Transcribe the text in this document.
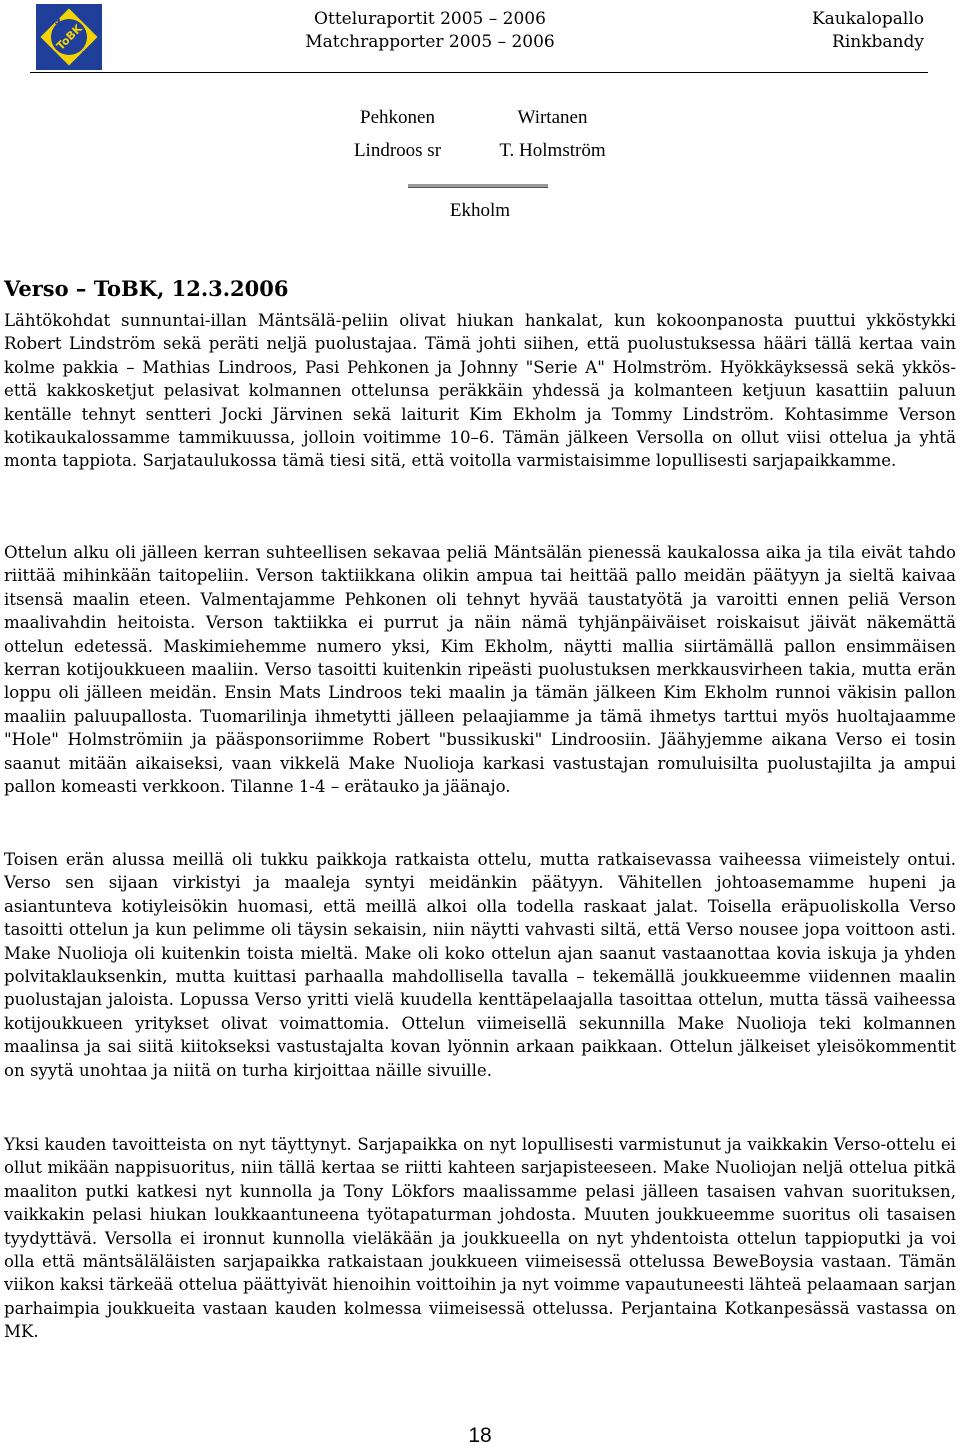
19
58
ToBK
Otteluraportit 2005 – 2006
Matchrapporter 2005 – 2006
Kaukalopallo
Rinkbandy
Pehkonen
Lindroos sr
Wirtanen
T. Holmström
Ekholm
Verso – ToBK, 12.3.2006

Lähtökohdat sunnuntai-illan Mäntsälä-peliin olivat hiukan hankalat, kun kokoonpanosta puuttui ykköstykki Robert Lindström sekä peräti neljä puolustajaa. Tämä johti siihen, että puolustuksessa hääri tällä kertaa vain kolme pakkia – Mathias Lindroos, Pasi Pehkonen ja Johnny "Serie A" Holmström. Hyökkäyksessä sekä ykkös- että kakkosketjut pelasivat kolmannen ottelunsa peräkkäin yhdessä ja kolmanteen ketjuun kasattiin paluun kentälle tehnyt sentteri Jocki Järvinen sekä laiturit Kim Ekholm ja Tommy Lindström. Kohtasimme Verson kotikaukalossamme tammikuussa, jolloin voitimme 10–6. Tämän jälkeen Versolla on ollut viisi ottelua ja yhtä monta tappiota. Sarjataulukossa tämä tiesi sitä, että voitolla varmistaisimme lopullisesti sarjapaikkamme.

Ottelun alku oli jälleen kerran suhteellisen sekavaa peliä Mäntsälän pienessä kaukalossa aika ja tila eivät tahdo riittää mihinkään taitopeliin. Verson taktiikkana olikin ampua tai heittää pallo meidän päätyyn ja sieltä kaivaa itsensä maalin eteen. Valmentajamme Pehkonen oli tehnyt hyvää taustatyötä ja varoitti ennen peliä Verson maalivahdin heitoista. Verson taktiikka ei purrut ja näin nämä tyhjänpäiväiset roiskaisut jäivät näkemättä ottelun edetessä. Maskimiehemme numero yksi, Kim Ekholm, näytti mallia siirtämällä pallon ensimmäisen kerran kotijoukkueen maaliin. Verso tasoitti kuitenkin ripeästi puolustuksen merkkausvirheen takia, mutta erän loppu oli jälleen meidän. Ensin Mats Lindroos teki maalin ja tämän jälkeen Kim Ekholm runnoi väkisin pallon maaliin paluupallosta. Tuomarilinja ihmetytti jälleen pelaajiamme ja tämä ihmetys tarttui myös huoltajaamme "Hole" Holmströmiin ja pääsponsoriimme Robert "bussikuski" Lindroosiin. Jäähyjemme aikana Verso ei tosin saanut mitään aikaiseksi, vaan vikkelä Make Nuolioja karkasi vastustajan romuluisilta puolustajilta ja ampui pallon komeasti verkkoon. Tilanne 1-4 – erätauko ja jäänajo.

Toisen erän alussa meillä oli tukku paikkoja ratkaista ottelu, mutta ratkaisevassa vaiheessa viimeistely ontui. Verso sen sijaan virkistyi ja maaleja syntyi meidänkin päätyyn. Vähitellen johtoasemamme hupeni ja asiantunteva kotiyleisökin huomasi, että meillä alkoi olla todella raskaat jalat. Toisella eräpuoliskolla Verso tasoitti ottelun ja kun pelimme oli täysin sekaisin, niin näytti vahvasti siltä, että Verso nousee jopa voittoon asti. Make Nuolioja oli kuitenkin toista mieltä. Make oli koko ottelun ajan saanut vastaanottaa kovia iskuja ja yhden polvitaklauksenkin, mutta kuittasi parhaalla mahdollisella tavalla – tekemällä joukkueemme viidennen maalin puolustajan jaloista. Lopussa Verso yritti vielä kuudella kenttäpelaajalla tasoittaa ottelun, mutta tässä vaiheessa kotijoukkueen yritykset olivat voimattomia. Ottelun viimeisellä sekunnilla Make Nuolioja teki kolmannen maalinsa ja sai siitä kiitokseksi vastustajalta kovan lyönnin arkaan paikkaan. Ottelun jälkeiset yleisökommentit on syytä unohtaa ja niitä on turha kirjoittaa näille sivuille.

Yksi kauden tavoitteista on nyt täyttynyt. Sarjapaikka on nyt lopullisesti varmistunut ja vaikkakin Verso-ottelu ei ollut mikään nappisuoritus, niin tällä kertaa se riitti kahteen sarjapisteeseen. Make Nuoliojan neljä ottelua pitkä maaliton putki katkesi nyt kunnolla ja Tony Lökfors maalissamme pelasi jälleen tasaisen vahvan suorituksen, vaikkakin pelasi hiukan loukkaantuneena työtapaturman johdosta. Muuten joukkueemme suoritus oli tasaisen tyydyttävä. Versolla ei ironnut kunnolla vieläkään ja joukkueella on nyt yhdentoista ottelun tappioputki ja voi olla että mäntsäläläisten sarjapaikka ratkaistaan joukkueen viimeisessä ottelussa BeweBoysia vastaan. Tämän viikon kaksi tärkeää ottelua päättyivät hienoihin voittoihin ja nyt voimme vapautuneesti lähteä pelaamaan sarjan parhaimpia joukkueita vastaan kauden kolmessa viimeisessä ottelussa. Perjantaina Kotkanpesässä vastassa on MK.

18
